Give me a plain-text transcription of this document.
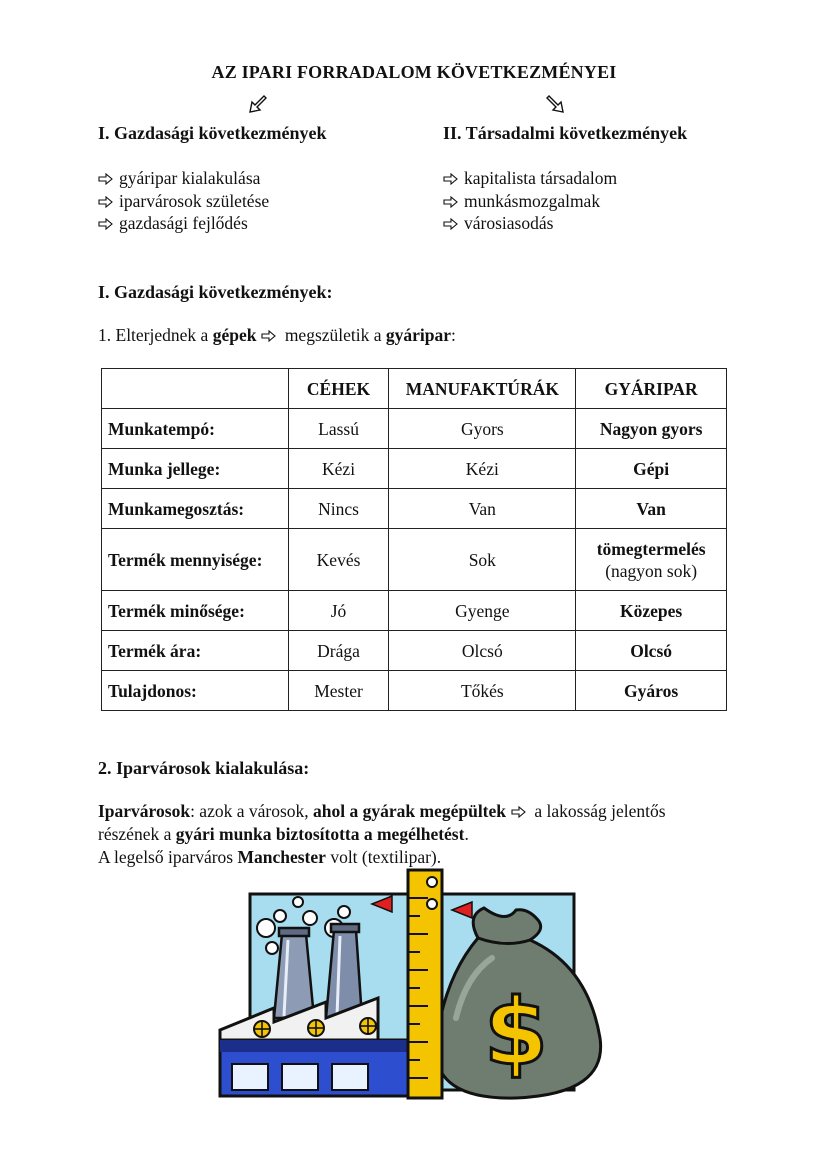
AZ IPARI FORRADALOM KÖVETKEZMÉNYEI
I. Gazdasági következmények	II. Társadalmi következmények
gyáripar kialakulása
iparvárosok születése
gazdasági fejlődés
kapitalista társadalom
munkásmozgalmak
városiasodás
I. Gazdasági következmények:
1. Elterjednek a gépek megszületik a gyáripar:
	CÉHEK	MANUFAKTÚRÁK	GYÁRIPAR
Munkatempó:	Lassú	Gyors	Nagyon gyors
Munka jellege:	Kézi	Kézi	Gépi
Munkamegosztás:	Nincs	Van	Van
Termék mennyisége:	Kevés	Sok	tömegtermelés
(nagyon sok)

Termék minősége:	Jó	Gyenge	Közepes
Termék ára:	Drága	Olcsó	Olcsó
Tulajdonos:	Mester	Tőkés	Gyáros
2. Iparvárosok kialakulása:
Iparvárosok: azok a városok, ahol a gyárak megépültek a lakosság jelentős
részének a gyári munka biztosította a megélhetést.
A legelső iparváros Manchester volt (textilipar).
$
